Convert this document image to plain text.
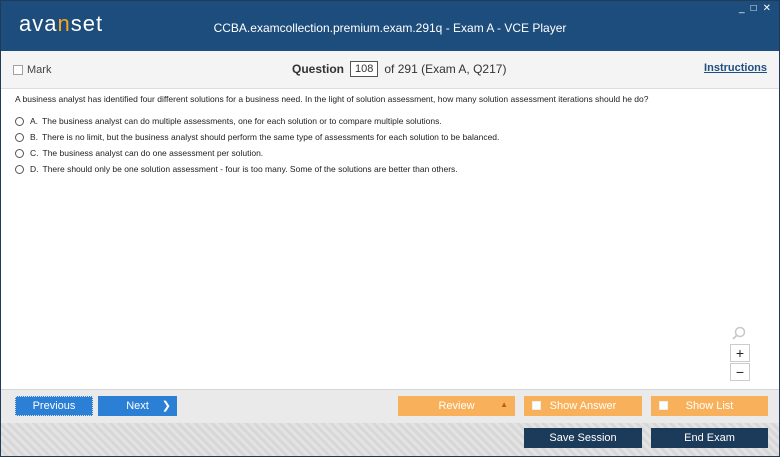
avanset	CCBA.examcollection.premium.exam.291q - Exam A - VCE Player
_ □ ✕
Mark	Question	108 of 291 (Exam A, Q217)	Instructions
A business analyst has identified four different solutions for a business need. In the light of solution assessment, how many solution assessment iterations should he do?
A. The business analyst can do multiple assessments, one for each solution or to compare multiple solutions.
B. There is no limit, but the business analyst should perform the same type of assessments for each solution to be balanced.
C. The business analyst can do one assessment per solution.
D. There should only be one solution assessment - four is too many. Some of the solutions are better than others.
+
−
Previous	Next ❯	Review	▲	Show Answer	Show List
Save Session	End Exam
